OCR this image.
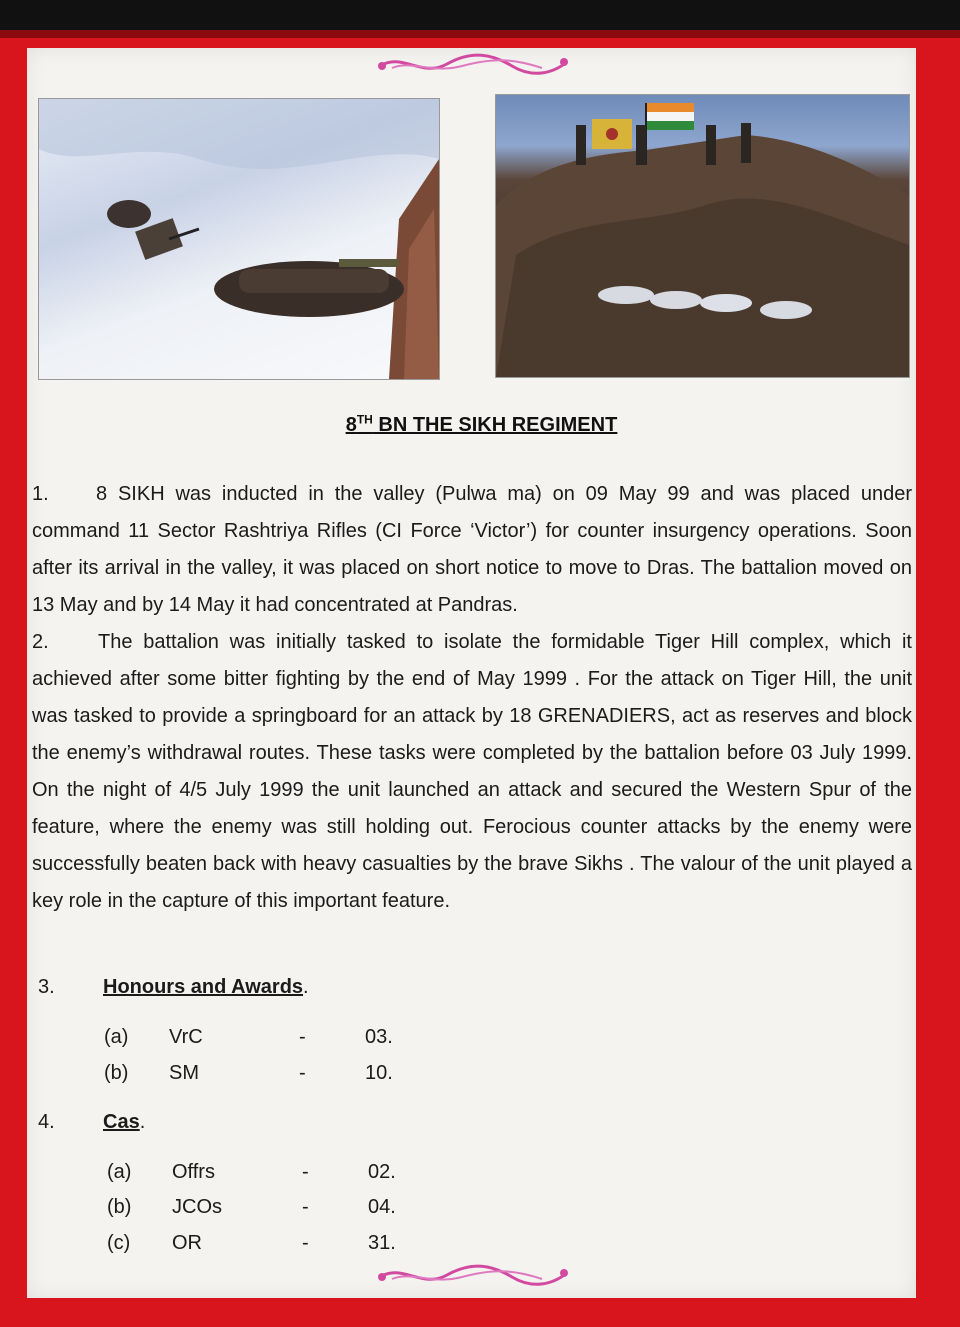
8TH BN THE SIKH REGIMENT

1. 8 SIKH was inducted in the valley (Pulwa ma) on 09 May 99 and was placed under command 11 Sector Rashtriya Rifles (CI Force ‘Victor’) for counter insurgency operations. Soon after its arrival in the valley, it was placed on short notice to move to Dras. The battalion moved on 13 May and by 14 May it had concentrated at Pandras.

2. The battalion was initially tasked to isolate the formidable Tiger Hill complex, which it achieved after some bitter fighting by the end of May 1999 . For the attack on Tiger Hill, the unit was tasked to provide a springboard for an attack by 18 GRENADIERS, act as reserves and block the enemy’s withdrawal routes. These tasks were completed by the battalion before 03 July 1999. On the night of 4/5 July 1999 the unit launched an attack and secured the Western Spur of the feature, where the enemy was still holding out. Ferocious counter attacks by the enemy were successfully beaten back with heavy casualties by the brave Sikhs . The valour of the unit played a key role in the capture of this important feature.

3. Honours and Awards.

(a) VrC	-	03.
(b) SM	-	10.

4. Cas.

(a) Offrs	-	02.
(b) JCOs	-	04.
(c) OR	-	31.
